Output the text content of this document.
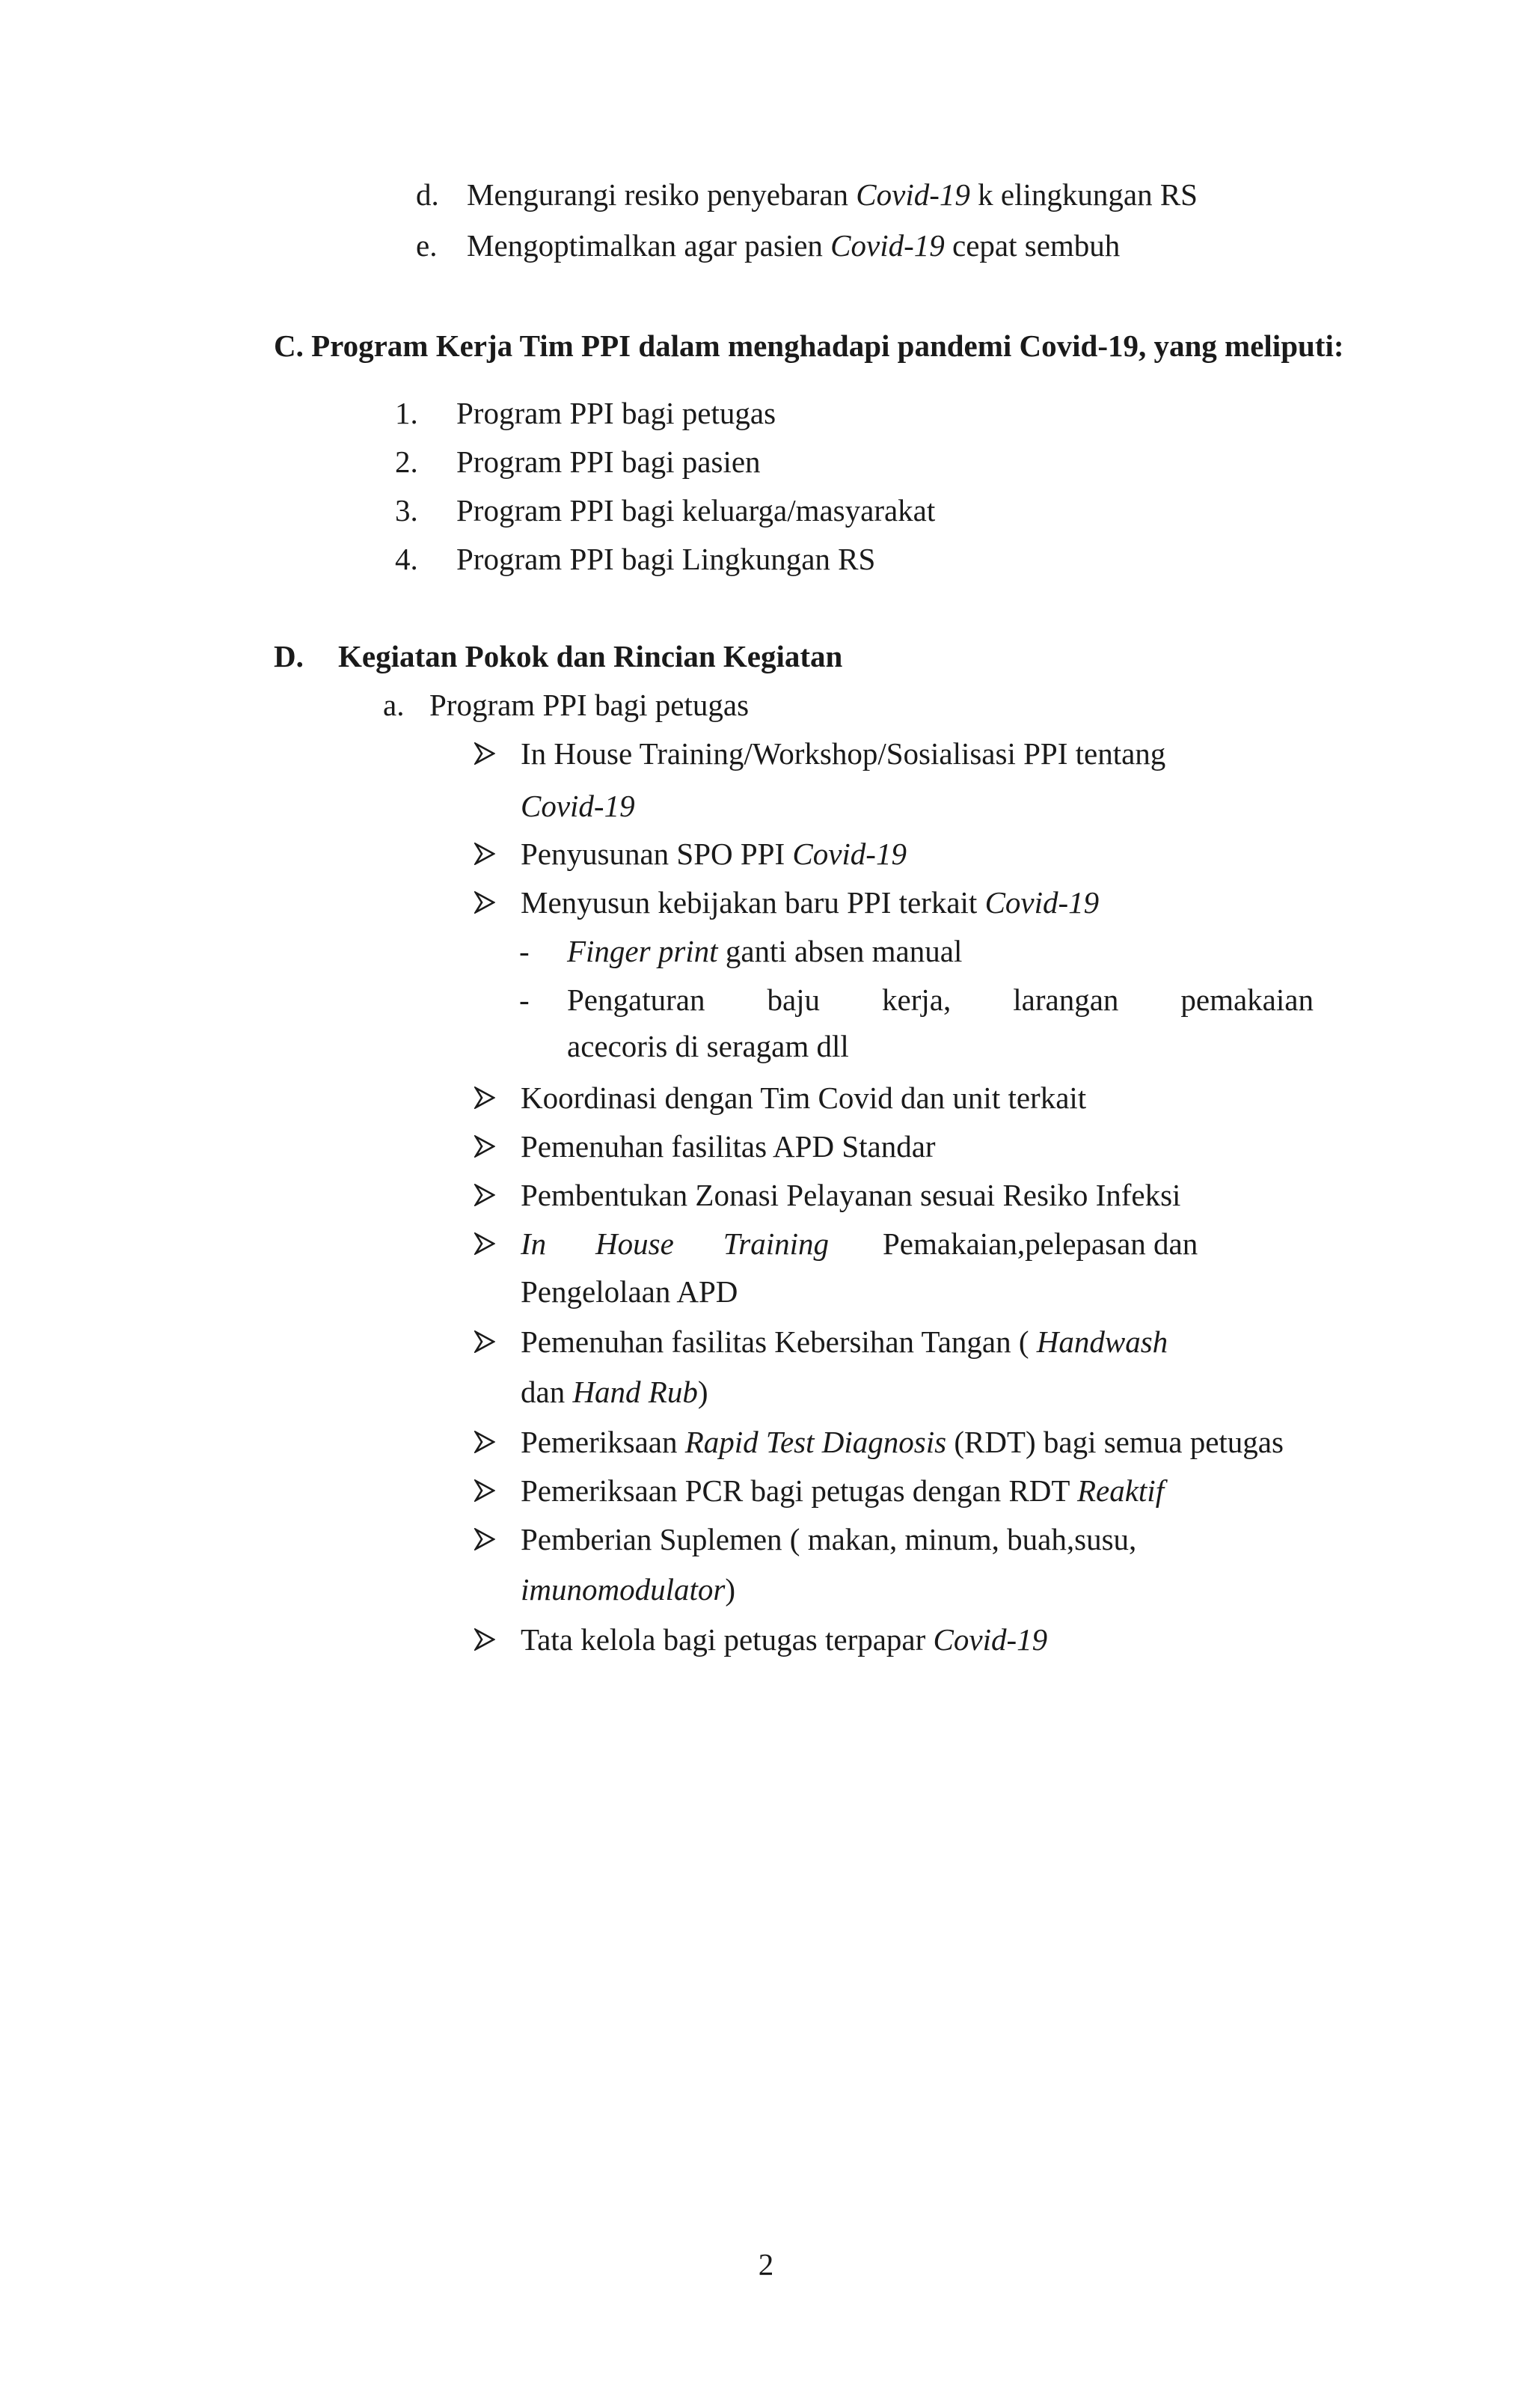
d. Mengurangi resiko penyebaran Covid-19 k elingkungan RS
e. Mengoptimalkan agar pasien Covid-19 cepat sembuh
C. Program Kerja Tim PPI dalam menghadapi pandemi Covid-19, yang meliputi:
1. Program PPI bagi petugas
2. Program PPI bagi pasien
3. Program PPI bagi keluarga/masyarakat
4. Program PPI bagi Lingkungan RS
D. Kegiatan Pokok dan Rincian Kegiatan
a. Program PPI bagi petugas
In House Training/Workshop/Sosialisasi PPI tentang
Covid-19
Penyusunan SPO PPI Covid-19
Menyusun kebijakan baru PPI terkait Covid-19
- Finger print ganti absen manual
- Pengaturan baju kerja, larangan pemakaian
acecoris di seragam dll
Koordinasi dengan Tim Covid dan unit terkait
Pemenuhan fasilitas APD Standar
Pembentukan Zonasi Pelayanan sesuai Resiko Infeksi
In House Training Pemakaian,pelepasan dan
Pengelolaan APD
Pemenuhan fasilitas Kebersihan Tangan ( Handwash
dan Hand Rub)
Pemeriksaan Rapid Test Diagnosis (RDT) bagi semua petugas
Pemeriksaan PCR bagi petugas dengan RDT Reaktif
Pemberian Suplemen ( makan, minum, buah,susu,
imunomodulator)
Tata kelola bagi petugas terpapar Covid-19
2
